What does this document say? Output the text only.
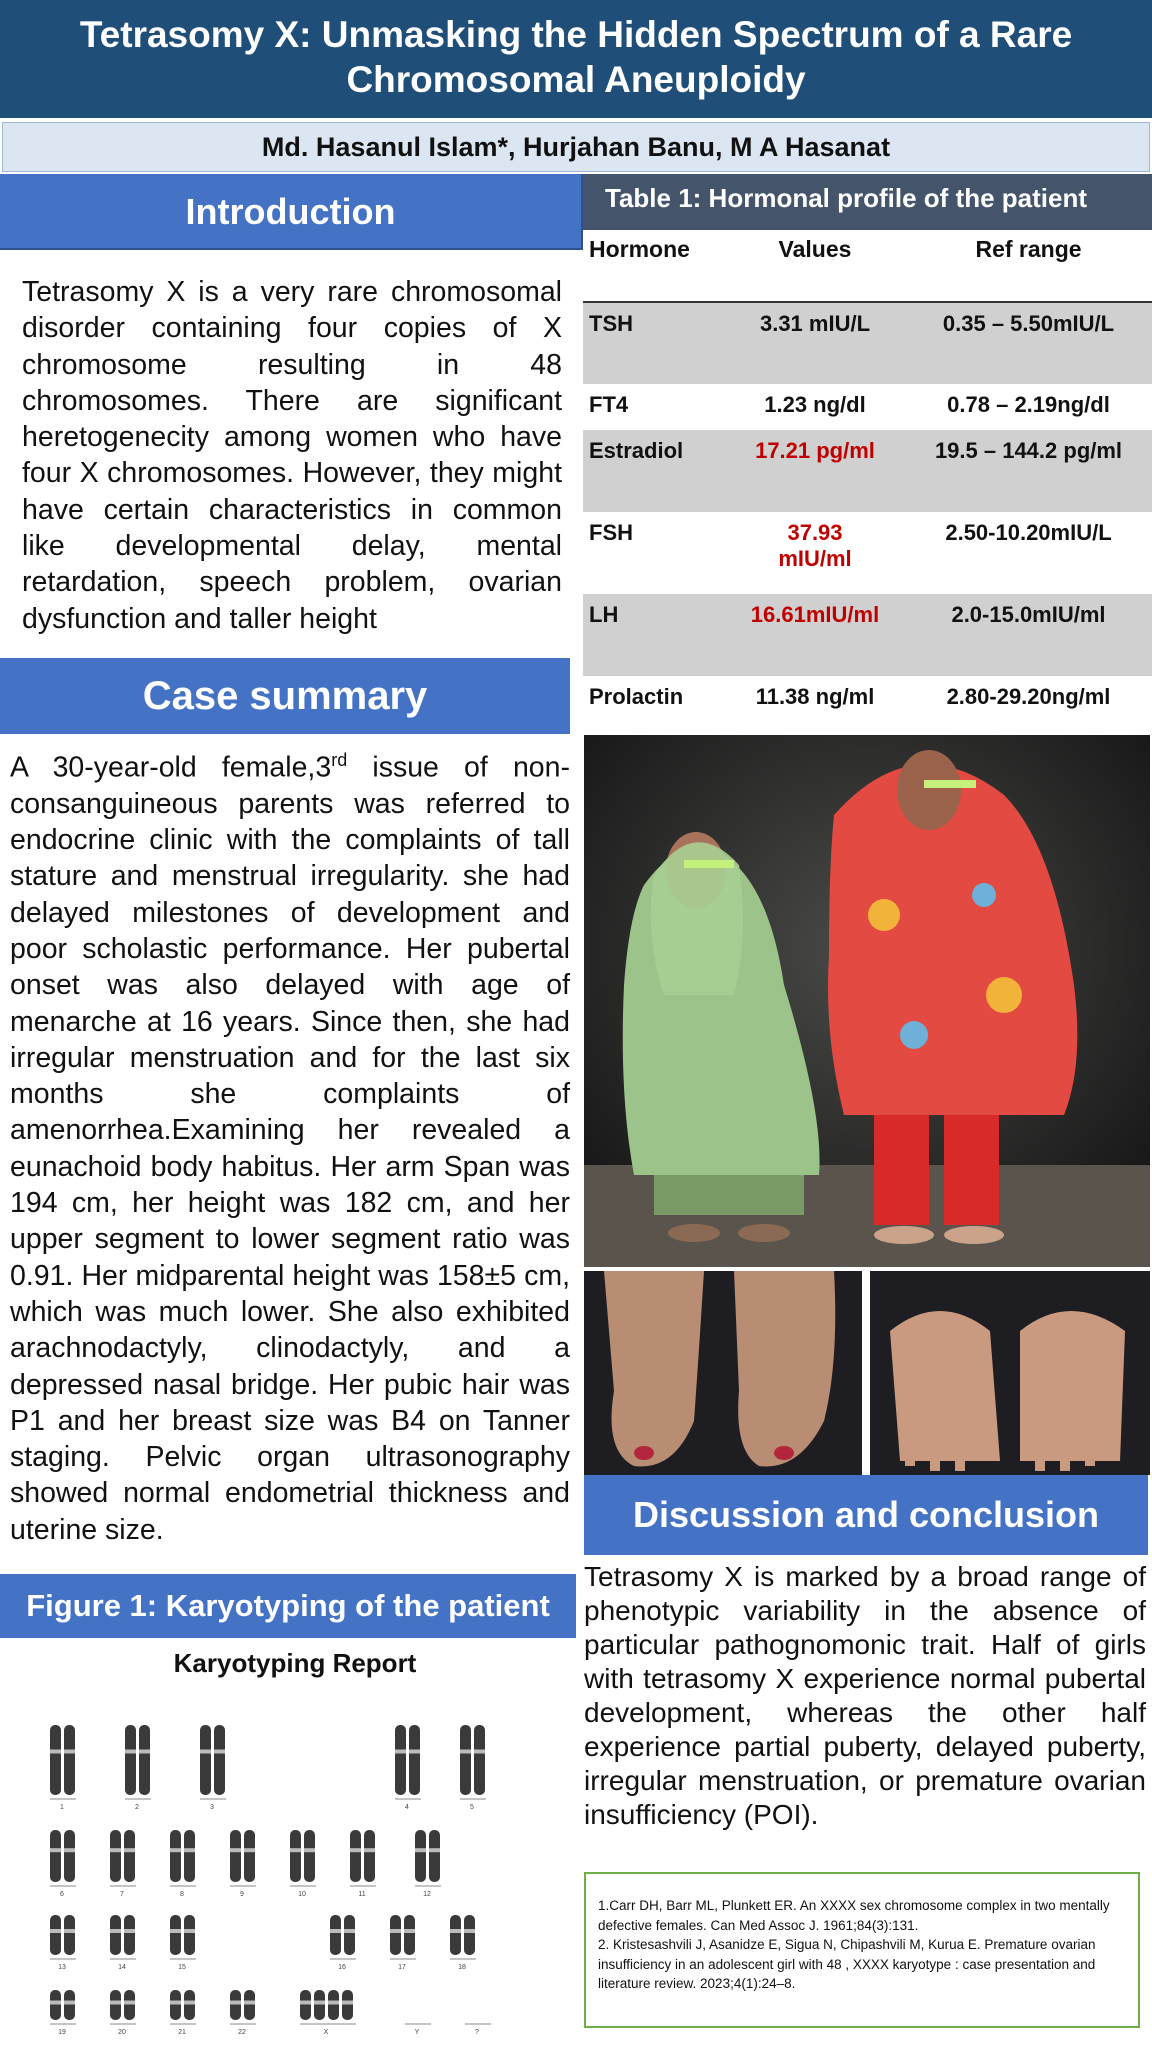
Tetrasomy X: Unmasking the Hidden Spectrum of a Rare
Chromosomal Aneuploidy
Md. Hasanul Islam*, Hurjahan Banu, M A Hasanat
Introduction
Tetrasomy X is a very rare chromosomal disorder containing four copies of X chromosome resulting in 48 chromosomes. There are significant heretogenecity among women who have four X chromosomes. However, they might have certain characteristics in common like developmental delay, mental retardation, speech problem, ovarian dysfunction and taller height
Table 1: Hormonal profile of the patient
Hormone	Values	Ref range
TSH	3.31 mIU/L	0.35 – 5.50mIU/L
FT4	1.23 ng/dl	0.78 – 2.19ng/dl
Estradiol	17.21 pg/ml	19.5 – 144.2 pg/ml
FSH	37.93 mIU/ml	2.50-10.20mIU/L
LH	16.61mIU/ml	2.0-15.0mIU/ml
Prolactin	11.38 ng/ml	2.80-29.20ng/ml
Case summary
A 30-year-old female,3rd issue of non-consanguineous parents was referred to endocrine clinic with the complaints of tall stature and menstrual irregularity. she had delayed milestones of development and poor scholastic performance. Her pubertal onset was also delayed with age of menarche at 16 years. Since then, she had irregular menstruation and for the last six months she complaints of amenorrhea.Examining her revealed a eunachoid body habitus. Her arm Span was 194 cm, her height was 182 cm, and her upper segment to lower segment ratio was 0.91. Her midparental height was 158±5 cm, which was much lower. She also exhibited arachnodactyly, clinodactyly, and a depressed nasal bridge. Her pubic hair was P1 and her breast size was B4 on Tanner staging. Pelvic organ ultrasonography showed normal endometrial thickness and uterine size.	Discussion and conclusion
Tetrasomy X is marked by a broad range of phenotypic variability in the absence of particular pathognomonic trait. Half of girls with tetrasomy X experience normal pubertal development, whereas the other half experience partial puberty, delayed puberty, irregular menstruation, or premature ovarian insufficiency (POI).
Figure 1: Karyotyping of the patient
Karyotyping Report
1	2	3	4	5
6	7	8	9	10	11	12
13	14	15	16	17	18
19	20	21	22	X	Y	?
1.Carr DH, Barr ML, Plunkett ER. An XXXX sex chromosome complex in two mentally defective females. Can Med Assoc J. 1961;84(3):131.
2. Kristesashvili J, Asanidze E, Sigua N, Chipashvili M, Kurua E. Premature ovarian insufficiency in an adolescent girl with 48 , XXXX karyotype : case presentation and literature review. 2023;4(1):24–8.
